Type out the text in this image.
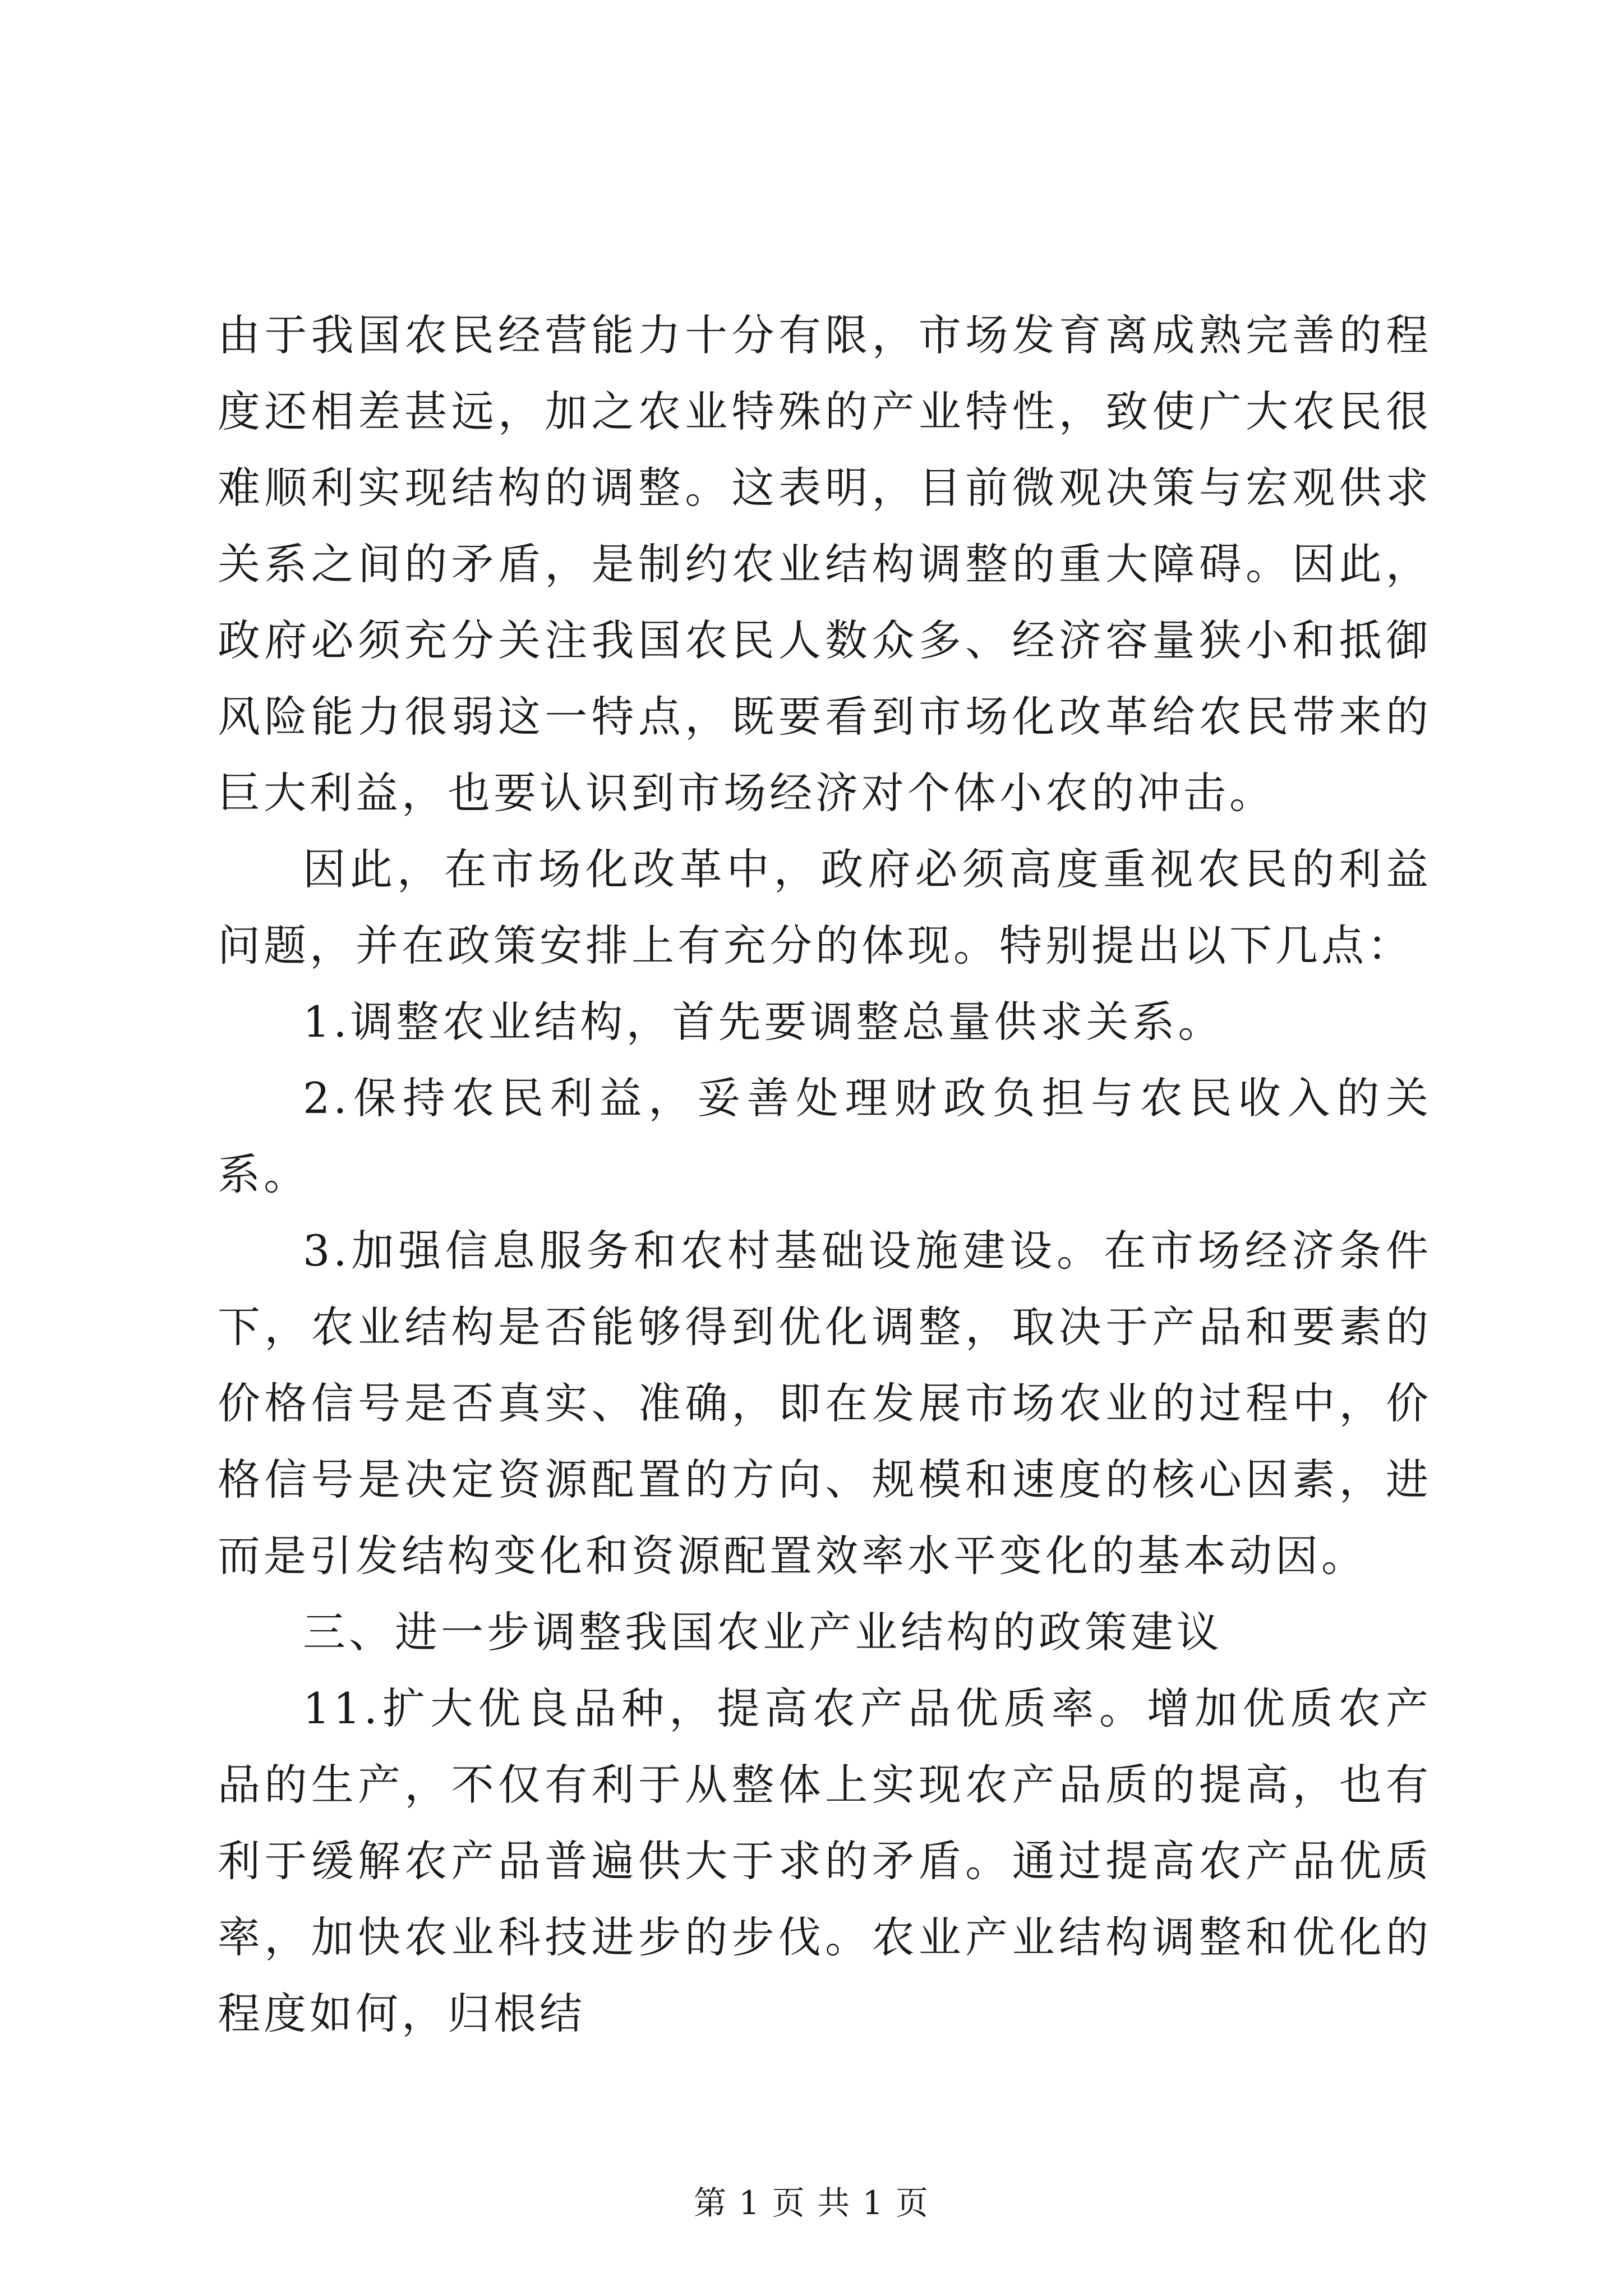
由于我国农民经营能力十分有限，市场发育离成熟完善的程度还相差甚远，加之农业特殊的产业特性，致使广大农民很难顺利实现结构的调整。这表明，目前微观决策与宏观供求关系之间的矛盾，是制约农业结构调整的重大障碍。因此，政府必须充分关注我国农民人数众多、经济容量狭小和抵御风险能力很弱这一特点，既要看到市场化改革给农民带来的巨大利益，也要认识到市场经济对个体小农的冲击。

因此，在市场化改革中，政府必须高度重视农民的利益问题，并在政策安排上有充分的体现。特别提出以下几点：

1.调整农业结构，首先要调整总量供求关系。

2.保持农民利益，妥善处理财政负担与农民收入的关系。

3.加强信息服务和农村基础设施建设。在市场经济条件下，农业结构是否能够得到优化调整，取决于产品和要素的价格信号是否真实、准确，即在发展市场农业的过程中，价格信号是决定资源配置的方向、规模和速度的核心因素，进而是引发结构变化和资源配置效率水平变化的基本动因。

三、进一步调整我国农业产业结构的政策建议

11.扩大优良品种，提高农产品优质率。增加优质农产品的生产，不仅有利于从整体上实现农产品质的提高，也有利于缓解农产品普遍供大于求的矛盾。通过提高农产品优质率，加快农业科技进步的步伐。农业产业结构调整和优化的程度如何，归根结

第 1 页 共 1 页
